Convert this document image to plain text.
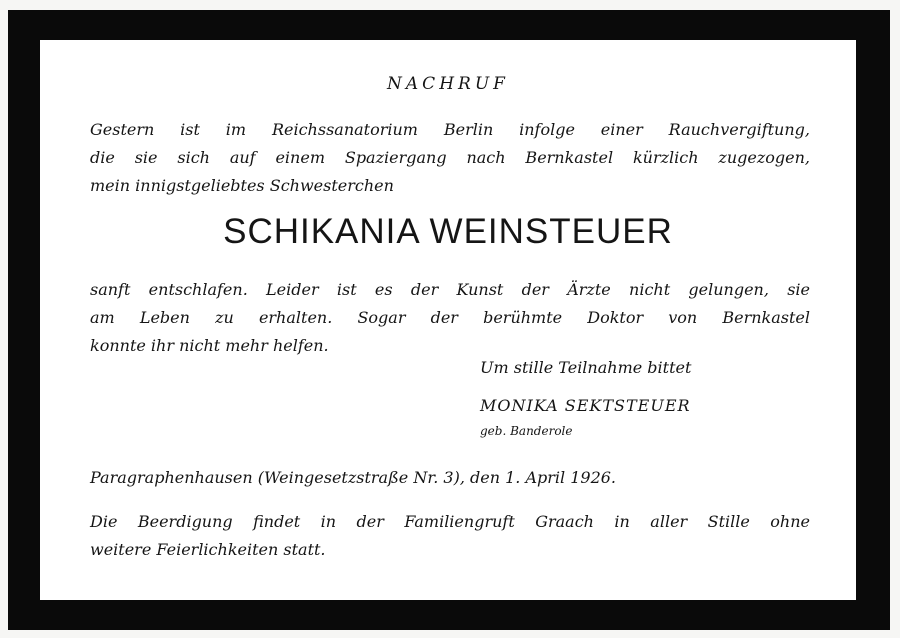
NACHRUF

Gestern ist im Reichssanatorium Berlin infolge einer Rauchvergiftung,
die sie sich auf einem Spaziergang nach Bernkastel kürzlich zugezogen,
mein innigstgeliebtes Schwesterchen

SCHIKANIA WEINSTEUER

sanft entschlafen. Leider ist es der Kunst der Ärzte nicht gelungen, sie
am Leben zu erhalten. Sogar der berühmte Doktor von Bernkastel
konnte ihr nicht mehr helfen.

Um stille Teilnahme bittet
MONIKA SEKTSTEUER
geb. Banderole

Paragraphenhausen (Weingesetzstraße Nr. 3), den 1. April 1926.

Die Beerdigung findet in der Familiengruft Graach in aller Stille ohne
weitere Feierlichkeiten statt.
